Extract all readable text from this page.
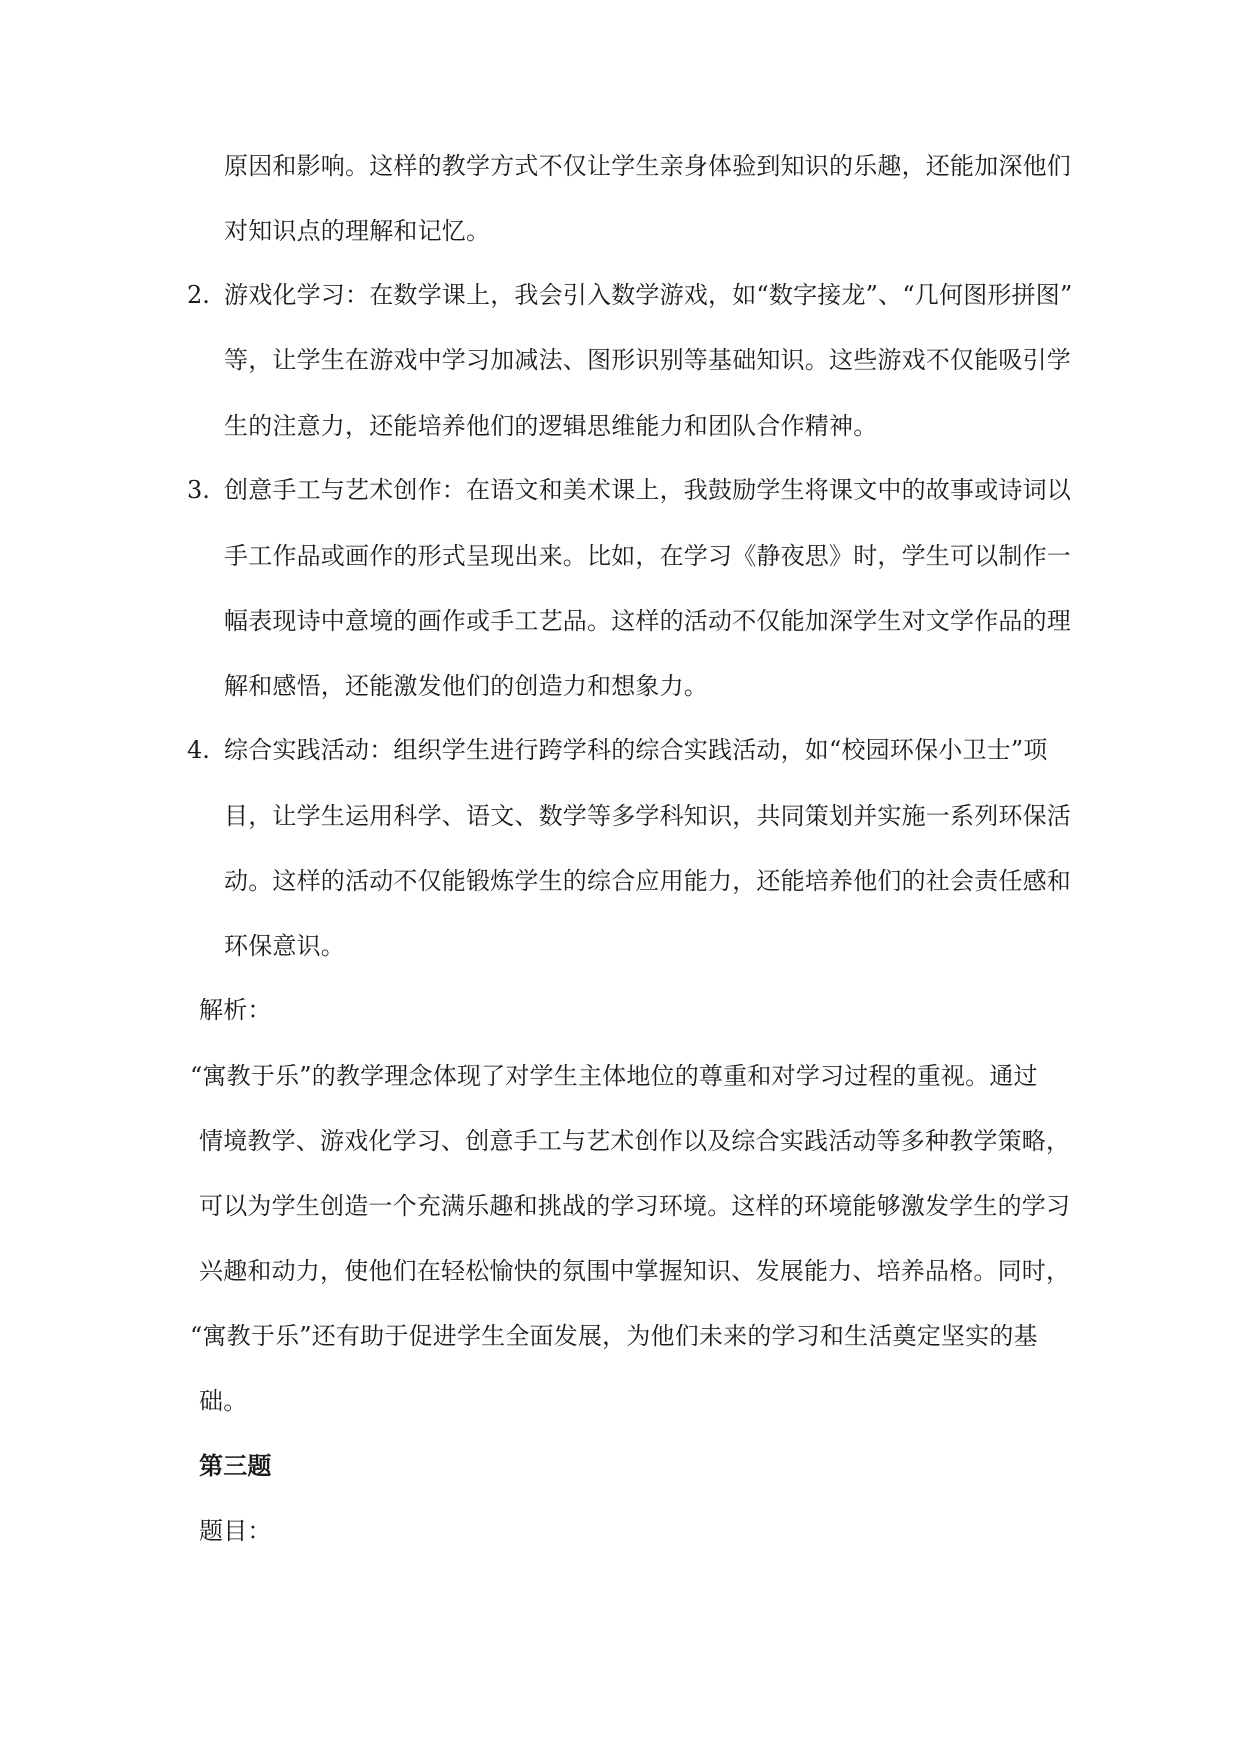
原因和影响。这样的教学方式不仅让学生亲身体验到知识的乐趣，还能加深他们
对知识点的理解和记忆。
2. 游戏化学习：在数学课上，我会引入数学游戏，如“数字接龙”、“几何图形拼图”
等，让学生在游戏中学习加减法、图形识别等基础知识。这些游戏不仅能吸引学
生的注意力，还能培养他们的逻辑思维能力和团队合作精神。
3. 创意手工与艺术创作：在语文和美术课上，我鼓励学生将课文中的故事或诗词以
手工作品或画作的形式呈现出来。比如，在学习《静夜思》时，学生可以制作一
幅表现诗中意境的画作或手工艺品。这样的活动不仅能加深学生对文学作品的理
解和感悟，还能激发他们的创造力和想象力。
4. 综合实践活动：组织学生进行跨学科的综合实践活动，如“校园环保小卫士”项
目，让学生运用科学、语文、数学等多学科知识，共同策划并实施一系列环保活
动。这样的活动不仅能锻炼学生的综合应用能力，还能培养他们的社会责任感和
环保意识。
解析：
“寓教于乐”的教学理念体现了对学生主体地位的尊重和对学习过程的重视。通过
情境教学、游戏化学习、创意手工与艺术创作以及综合实践活动等多种教学策略，
可以为学生创造一个充满乐趣和挑战的学习环境。这样的环境能够激发学生的学习
兴趣和动力，使他们在轻松愉快的氛围中掌握知识、发展能力、培养品格。同时，
“寓教于乐”还有助于促进学生全面发展，为他们未来的学习和生活奠定坚实的基
础。
第三题
题目：
